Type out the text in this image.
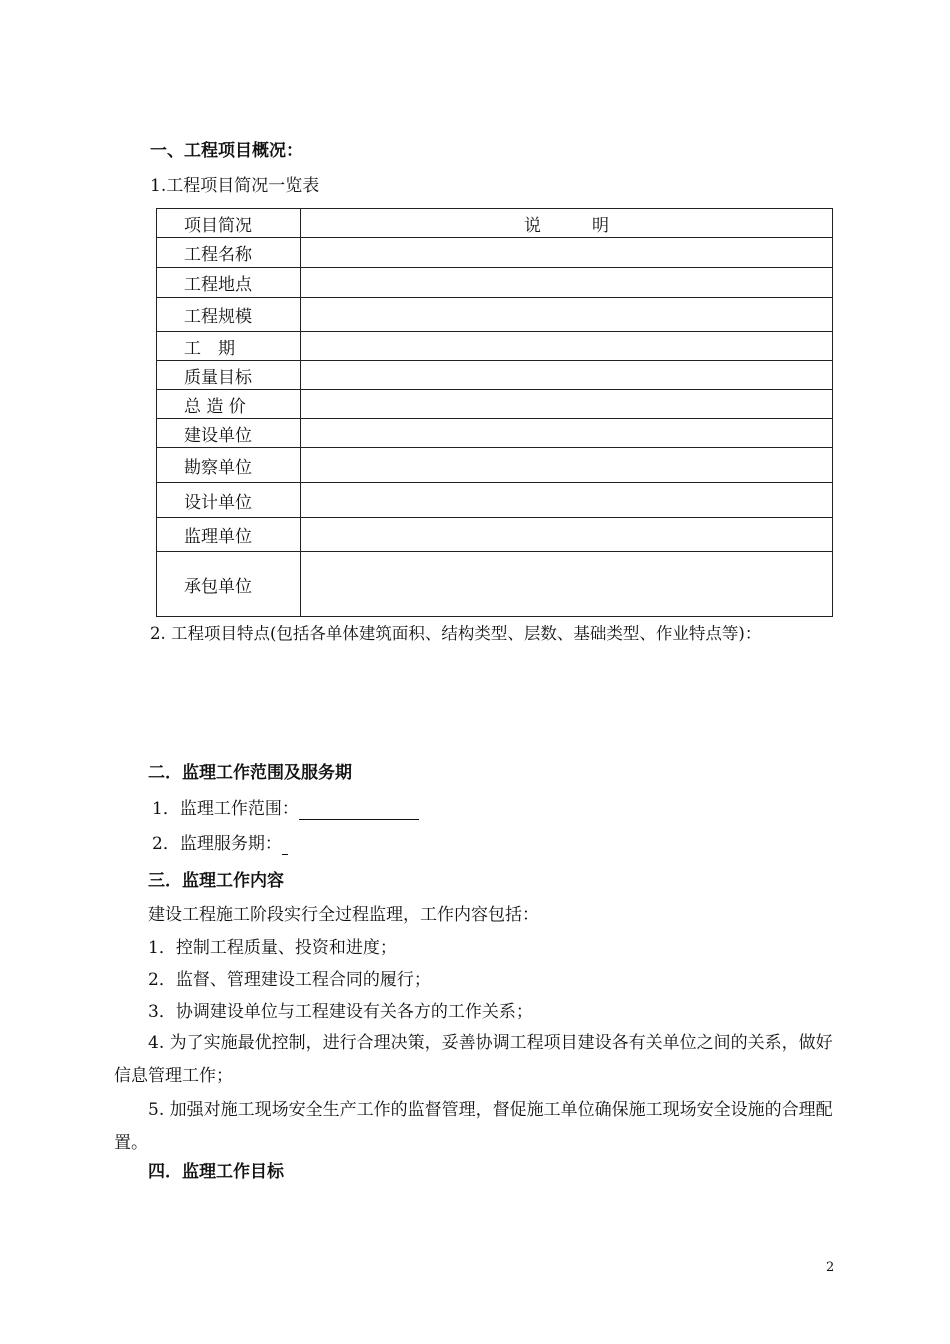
一、工程项目概况：
1.工程项目简况一览表
项目简况	说　　　明
工程名称	
工程地点	
工程规模	
工　期	
质量目标	
总 造 价	
建设单位	
勘察单位	
设计单位	
监理单位	
承包单位	
2. 工程项目特点(包括各单体建筑面积、结构类型、层数、基础类型、作业特点等)：
二．监理工作范围及服务期
1．监理工作范围：
2．监理服务期：
三．监理工作内容
建设工程施工阶段实行全过程监理，工作内容包括：
1．控制工程质量、投资和进度；
2．监督、管理建设工程合同的履行；
3．协调建设单位与工程建设有关各方的工作关系；
4. 为了实施最优控制，进行合理决策，妥善协调工程项目建设各有关单位之间的关系，做好信息管理工作；
5. 加强对施工现场安全生产工作的监督管理，督促施工单位确保施工现场安全设施的合理配置。
四．监理工作目标
2
